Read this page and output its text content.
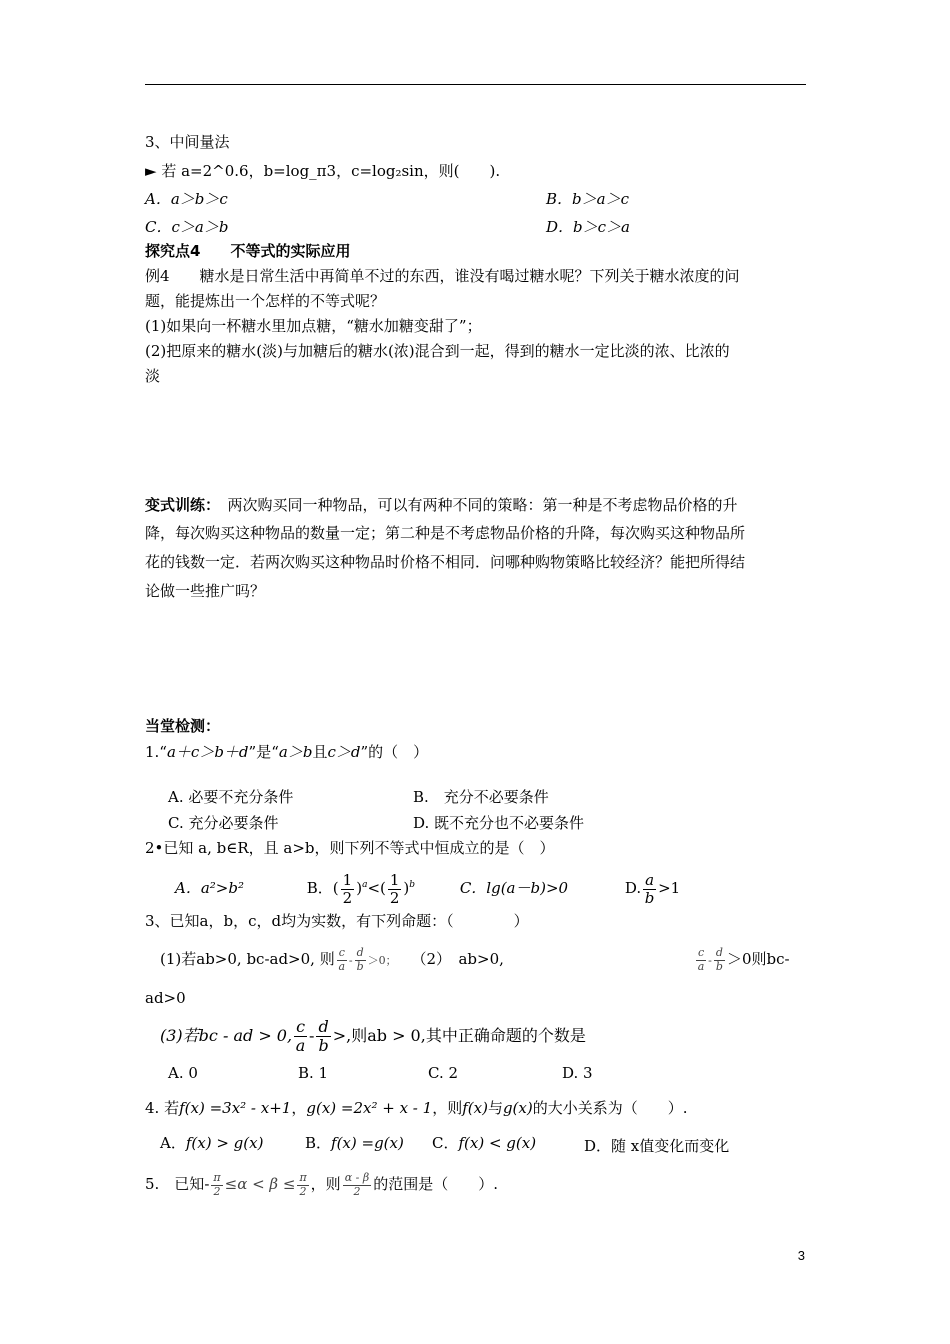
3、中间量法
► 若 a=2^0.6，b=log_π3，c=log₂sin，则(　　).
A．a＞b＞c	B．b＞a＞c
C．c＞a＞b	D．b＞c＞a
探究点4　　不等式的实际应用
例4　　糖水是日常生活中再简单不过的东西，谁没有喝过糖水呢？下列关于糖水浓度的问
题，能提炼出一个怎样的不等式呢？
(1)如果向一杯糖水里加点糖，“糖水加糖变甜了”；
(2)把原来的糖水(淡)与加糖后的糖水(浓)混合到一起，得到的糖水一定比淡的浓、比浓的
淡
变式训练：　两次购买同一种物品，可以有两种不同的策略：第一种是不考虑物品价格的升
降，每次购买这种物品的数量一定；第二种是不考虑物品价格的升降，每次购买这种物品所
花的钱数一定．若两次购买这种物品时价格不相同．问哪种购物策略比较经济？能把所得结
论做一些推广吗？
当堂检测：
1.“a＋c＞b＋d”是“a＞b且c＞d”的（　）
A. 必要不充分条件	B.　充分不必要条件
C. 充分必要条件	D. 既不充分也不必要条件
2•已知 a, b∈R，且 a>b，则下列不等式中恒成立的是（　）
A．a²>b²	B．( $\frac{1}{2} )^a<( \frac{1}{2} )^b$	C．lg(a－b)>0	D. $\frac{a}{b} >1$
3、已知a，b，c，d均为实数，有下列命题：（　　　　）
(1)若ab>0, bc-ad>0, 则 $\frac{c}{a} - \frac{d}{b} >0$； （2）　ab>0,	$\frac{c}{a} - \frac{d}{b} >0$则bc-
ad>0
(3)若bc - ad > 0, $\frac{c}{a} - \frac{d}{b}$ >,则ab > 0,其中正确命题的个数是
A. 0	B. 1	C. 2	D. 3
4. 若f(x) =3x² - x+1，g(x) =2x² + x - 1，则f(x)与g(x)的大小关系为（　　）.
A．f(x) > g(x)	B．f(x) =g(x) C．f(x) < g(x)	D．随 x值变化而变化
5.　已知- $\frac{\pi}{2} \le\alpha < \beta \le \frac{\pi}{2}$ ，则 $\frac{\alpha - \beta}{2}$ 的范围是（　　）.
3
